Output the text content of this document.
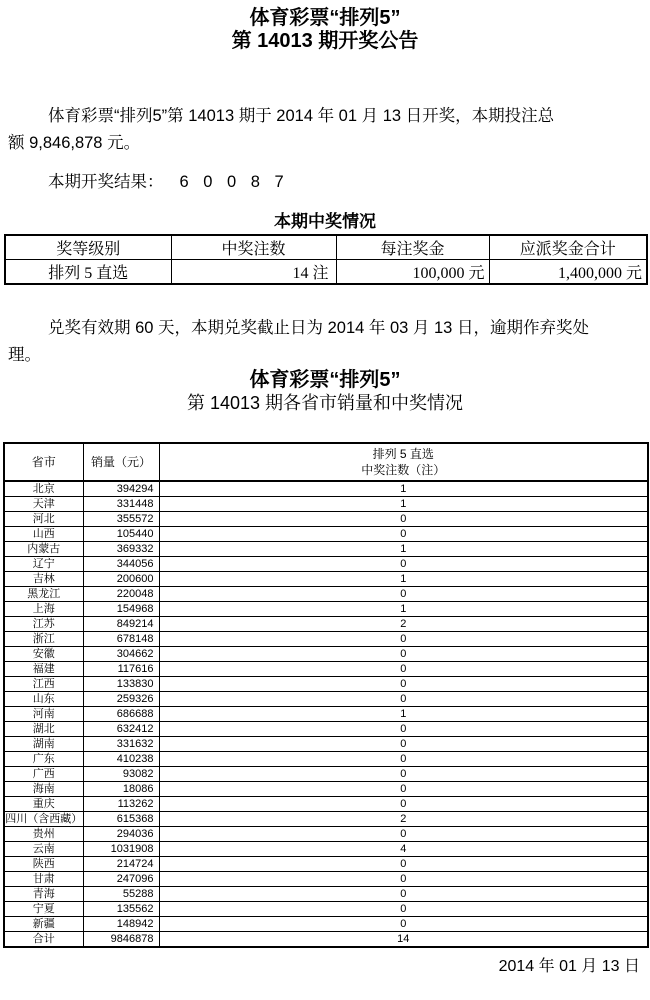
体育彩票“排列5”
第 14013 期开奖公告
体育彩票“排列5”第 14013 期于 2014 年 01 月 13 日开奖，本期投注总
额 9,846,878 元。
本期开奖结果： 6 0 0 8 7
本期中奖情况
奖等级别	中奖注数	每注奖金	应派奖金合计
排列 5 直选	14 注	100,000 元	1,400,000 元
兑奖有效期 60 天，本期兑奖截止日为 2014 年 03 月 13 日，逾期作弃奖处
理。
体育彩票“排列5”
第 14013 期各省市销量和中奖情况
省市	销量（元）	排列 5 直选
中奖注数（注）

北京	394294	1
天津	331448	1
河北	355572	0
山西	105440	0
内蒙古	369332	1
辽宁	344056	0
吉林	200600	1
黑龙江	220048	0
上海	154968	1
江苏	849214	2
浙江	678148	0
安徽	304662	0
福建	117616	0
江西	133830	0
山东	259326	0
河南	686688	1
湖北	632412	0
湖南	331632	0
广东	410238	0
广西	93082	0
海南	18086	0
重庆	113262	0
四川（含西藏）	615368	2
贵州	294036	0
云南	1031908	4
陕西	214724	0
甘肃	247096	0
青海	55288	0
宁夏	135562	0
新疆	148942	0
合计	9846878	14
2014 年 01 月 13 日
